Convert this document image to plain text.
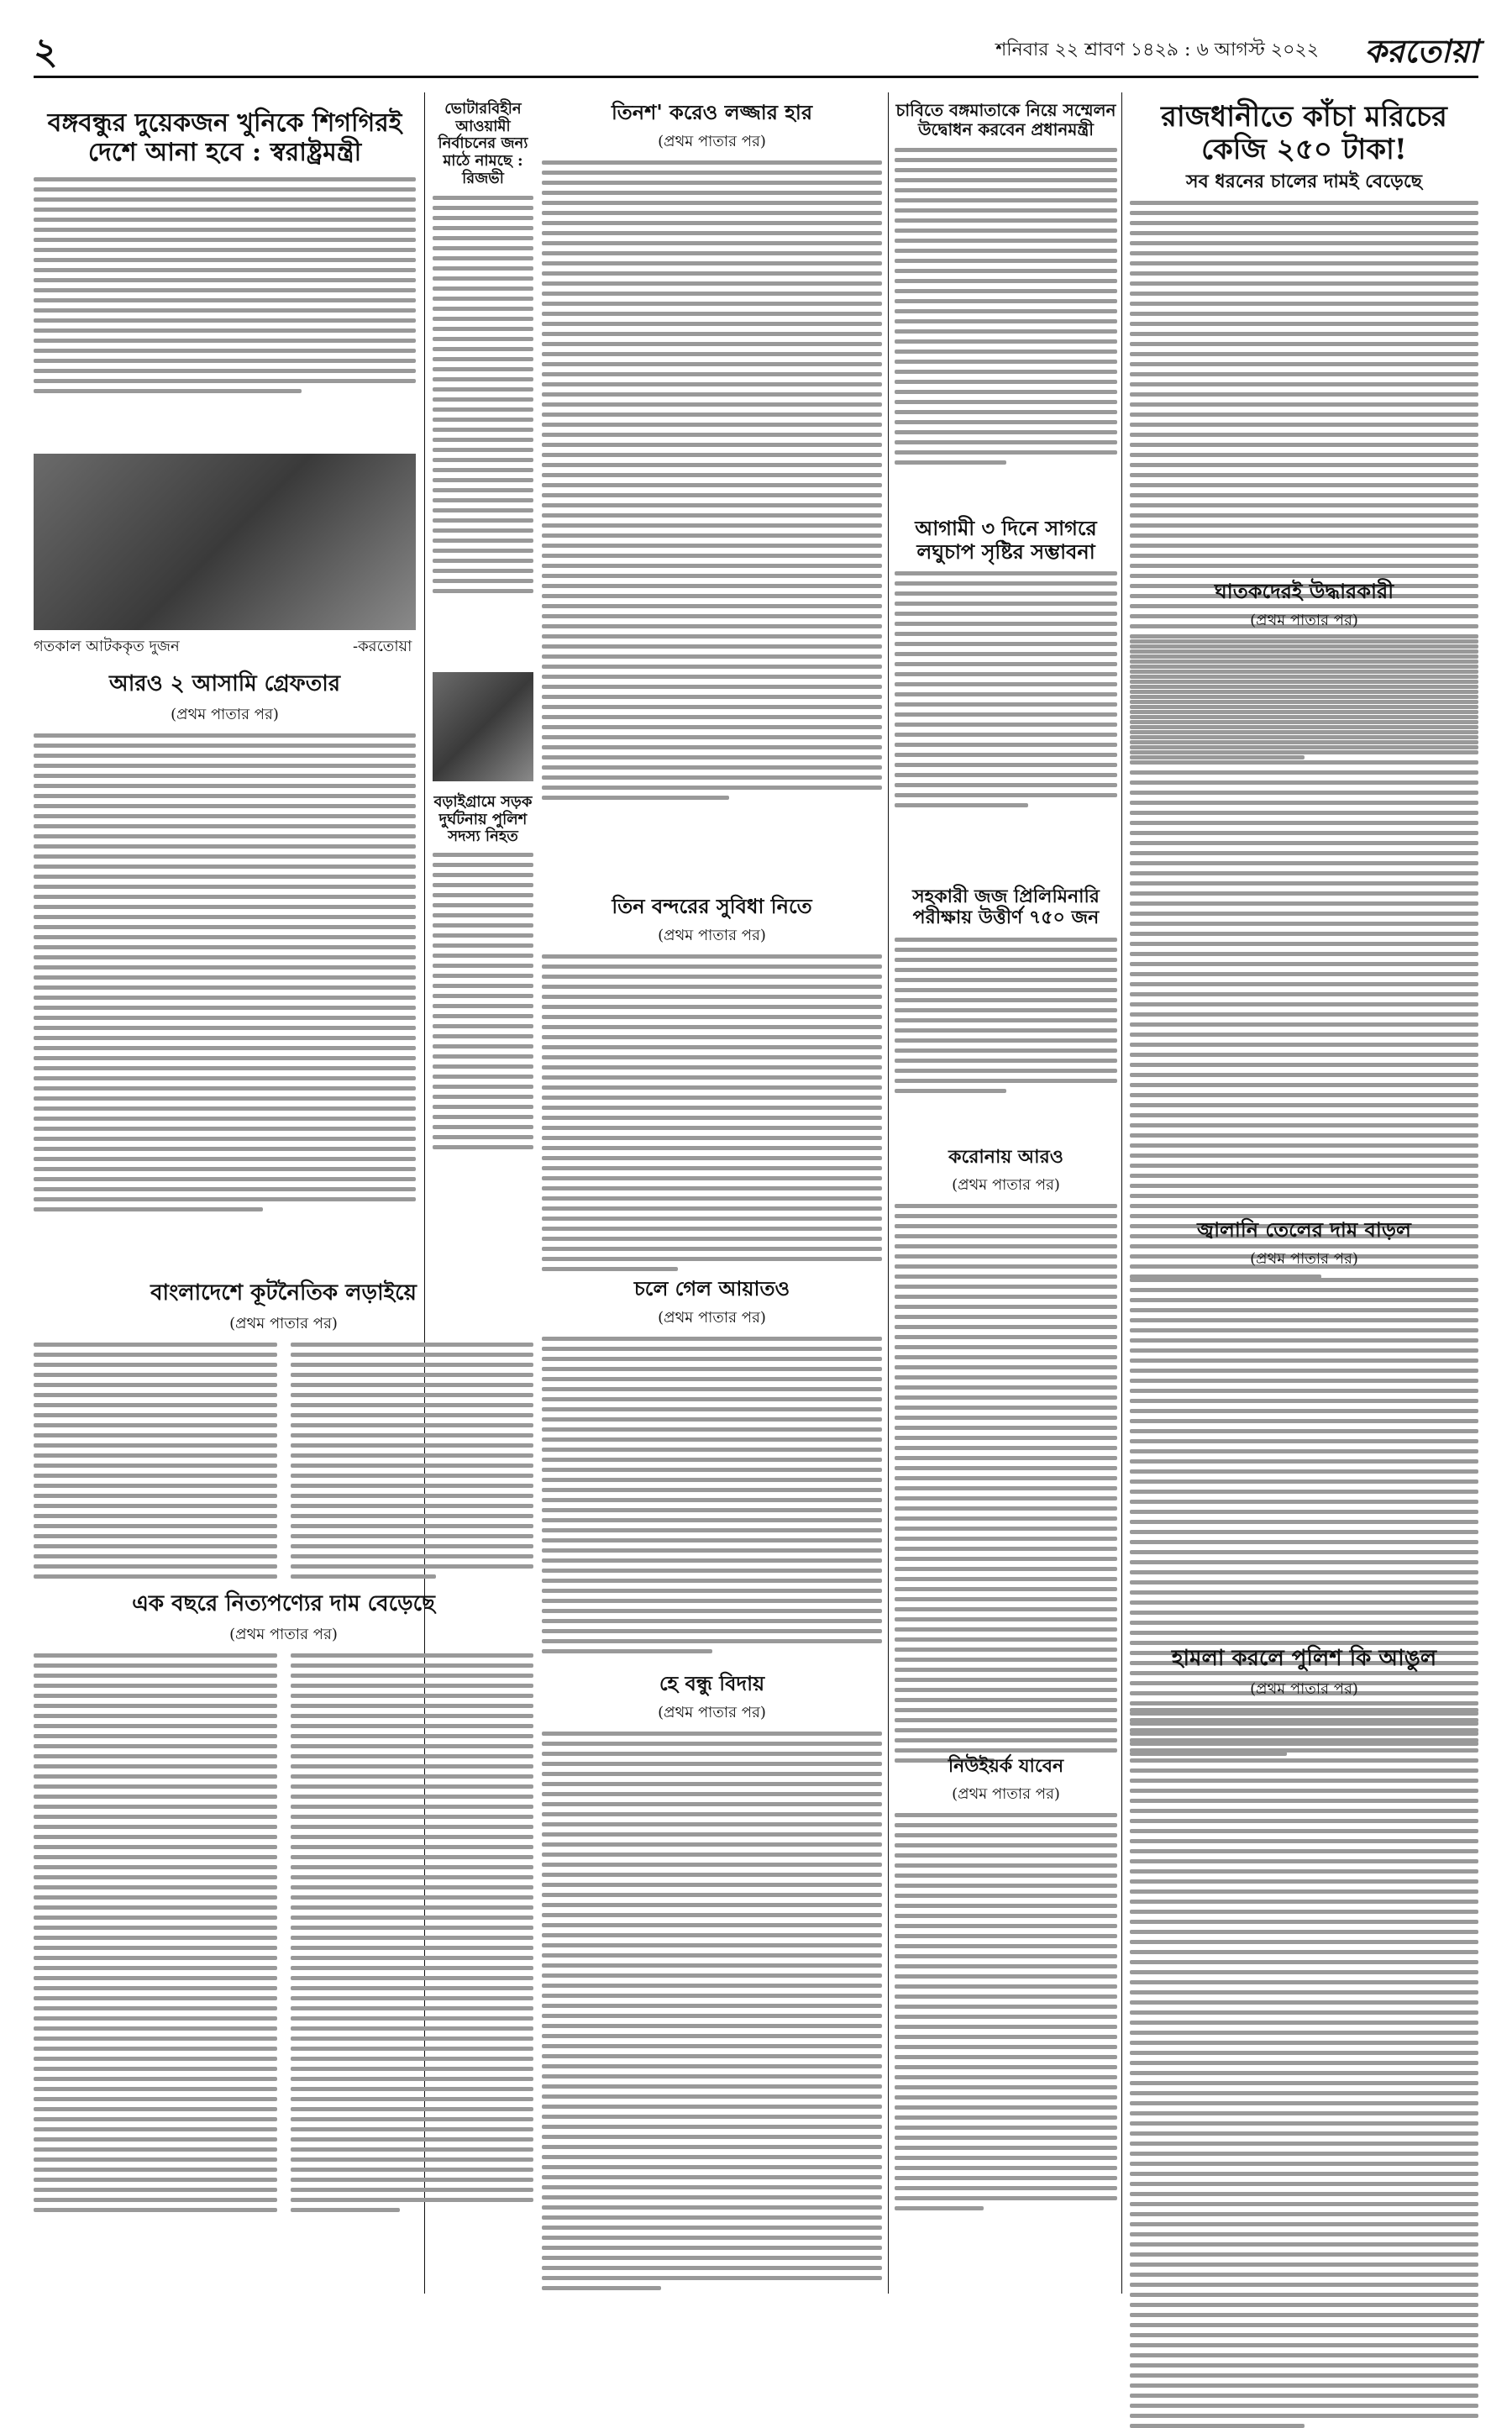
২	শনিবার ২২ শ্রাবণ ১৪২৯ : ৬ আগস্ট ২০২২ করতোয়া
বঙ্গবন্ধুর দুয়েকজন খুনিকে শিগগিরই দেশে আনা হবে : স্বরাষ্ট্রমন্ত্রী
গতকাল আটককৃত দুজন	-করতোয়া
আরও ২ আসামি গ্রেফতার
(প্রথম পাতার পর)
ভোটারবিহীন আওয়ামী নির্বাচনের জন্য মাঠে নামছে : রিজভী
তিনশ' করেও লজ্জার হার
(প্রথম পাতার পর)
বড়াইগ্রামে সড়ক দুর্ঘটনায় পুলিশ সদস্য নিহত
তিন বন্দরের সুবিধা নিতে
(প্রথম পাতার পর)
চলে গেল আয়াতও
(প্রথম পাতার পর)
বাংলাদেশে কূটনৈতিক লড়াইয়ে
(প্রথম পাতার পর)
এক বছরে নিত্যপণ্যের দাম বেড়েছে
(প্রথম পাতার পর)
হে বন্ধু বিদায়
(প্রথম পাতার পর)
চাবিতে বঙ্গমাতাকে নিয়ে সম্মেলন উদ্বোধন করবেন প্রধানমন্ত্রী
আগামী ৩ দিনে সাগরে লঘুচাপ সৃষ্টির সম্ভাবনা
সহকারী জজ প্রিলিমিনারি পরীক্ষায় উত্তীর্ণ ৭৫০ জন
করোনায় আরও
(প্রথম পাতার পর)
নিউইয়র্ক যাবেন
(প্রথম পাতার পর)
রাজধানীতে কাঁচা মরিচের কেজি ২৫০ টাকা!
সব ধরনের চালের দামই বেড়েছে
ঘাতকদেরই উদ্ধারকারী
(প্রথম পাতার পর)
জ্বালানি তেলের দাম বাড়ল
(প্রথম পাতার পর)
হামলা করলে পুলিশ কি আঙুল
(প্রথম পাতার পর)
